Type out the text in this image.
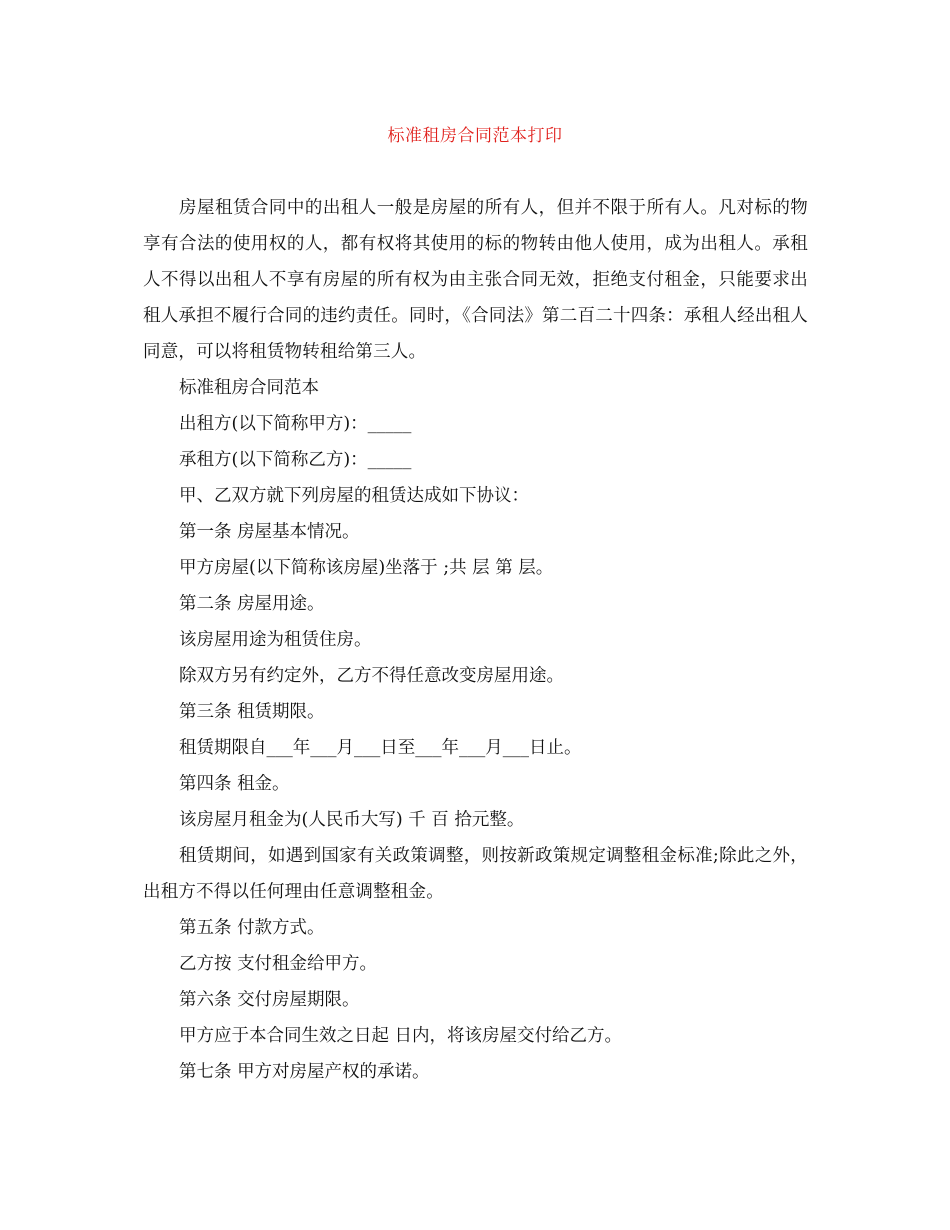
标准租房合同范本打印

房屋租赁合同中的出租人一般是房屋的所有人，但并不限于所有人。凡对标的物享有合法的使用权的人，都有权将其使用的标的物转由他人使用，成为出租人。承租人不得以出租人不享有房屋的所有权为由主张合同无效，拒绝支付租金，只能要求出租人承担不履行合同的违约责任。同时，《合同法》第二百二十四条：承租人经出租人同意，可以将租赁物转租给第三人。

标准租房合同范本

出租方(以下简称甲方)：_____

承租方(以下简称乙方)：_____

甲、乙双方就下列房屋的租赁达成如下协议：

第一条 房屋基本情况。

甲方房屋(以下简称该房屋)坐落于 ;共 层 第 层。

第二条 房屋用途。

该房屋用途为租赁住房。

除双方另有约定外，乙方不得任意改变房屋用途。

第三条 租赁期限。

租赁期限自___年___月___日至___年___月___日止。

第四条 租金。

该房屋月租金为(人民币大写) 千 百 拾元整。

租赁期间，如遇到国家有关政策调整，则按新政策规定调整租金标准;除此之外，出租方不得以任何理由任意调整租金。

第五条 付款方式。

乙方按 支付租金给甲方。

第六条 交付房屋期限。

甲方应于本合同生效之日起 日内，将该房屋交付给乙方。

第七条 甲方对房屋产权的承诺。
